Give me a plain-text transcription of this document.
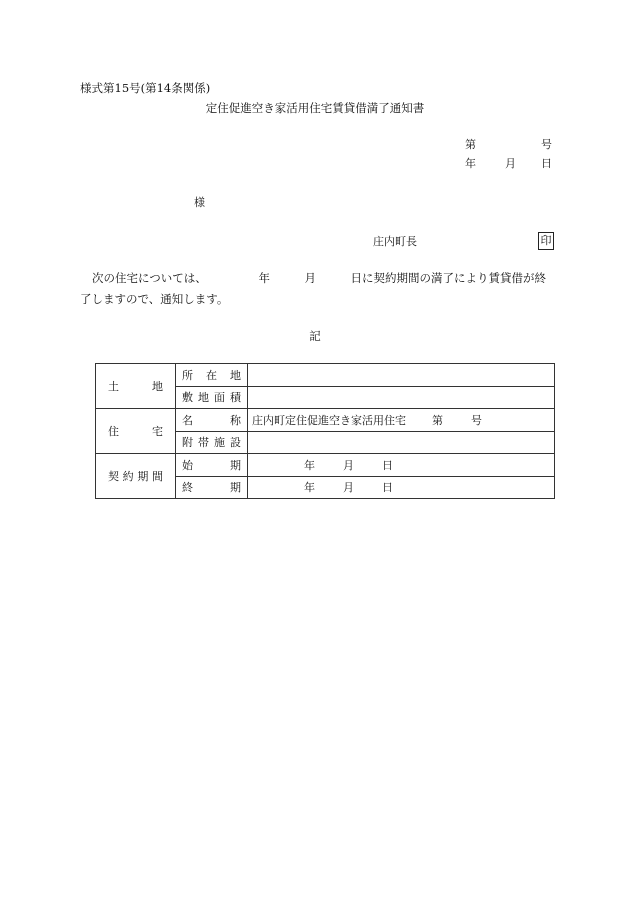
様式第15号(第14条関係)
定住促進空き家活用住宅賃貸借満了通知書
第	号
年	月 日
様
庄内町長	印
次の住宅については、　　　　　年　　　月　　　日に契約期間の満了により賃貸借が終
了しますので、通知します。
記
土地	所在地	
	敷地面積	
住宅	名称	庄内町定住促進空き家活用住宅 第 号
	附帯施設	
契約期間	始期	年 月 日
	終期	年 月 日
